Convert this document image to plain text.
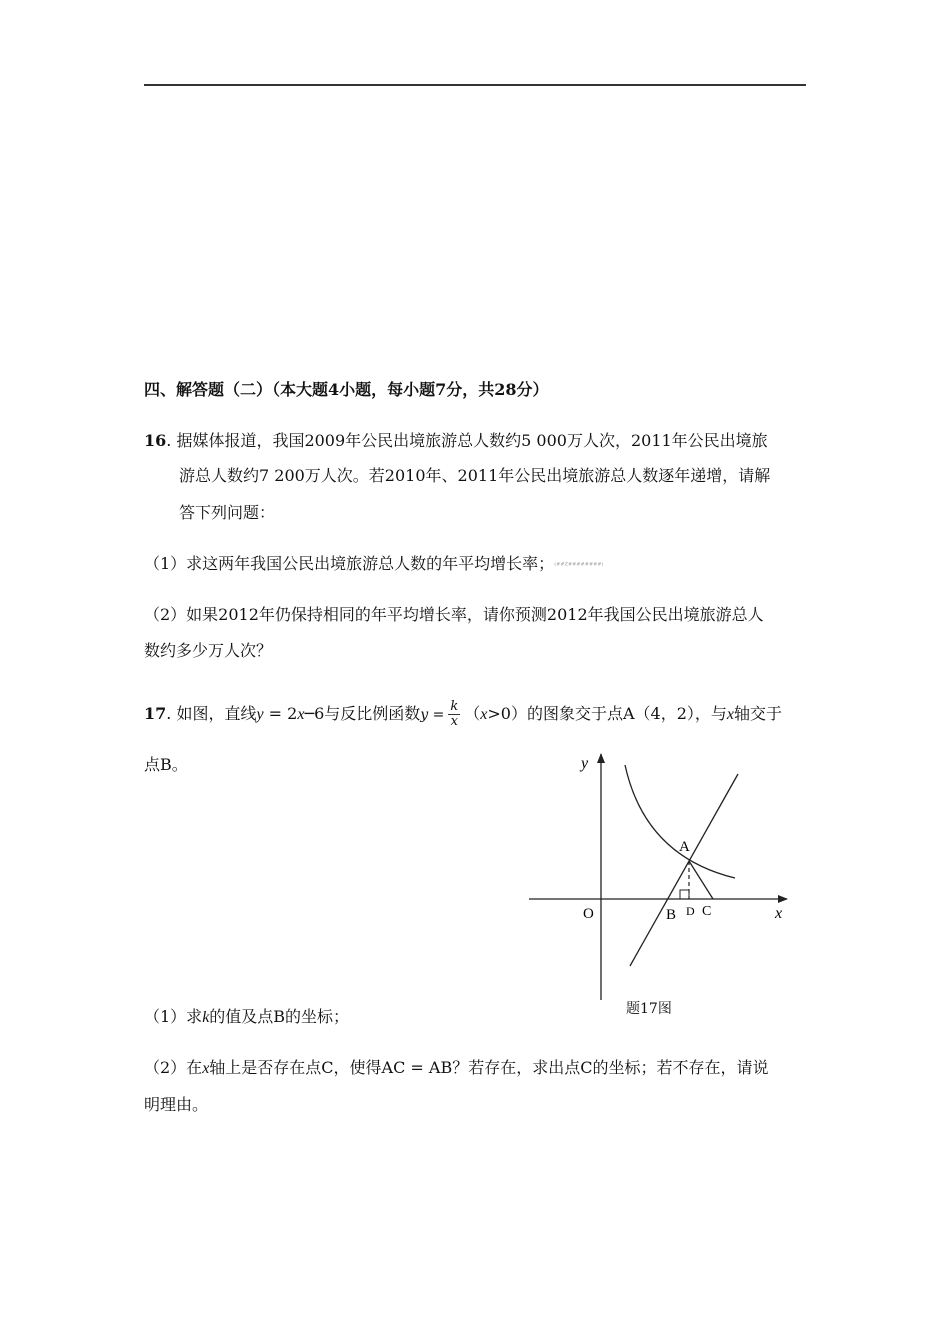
四、解答题（二）（本大题4小题，每小题7分，共28分）
16. 据媒体报道，我国2009年公民出境旅游总人数约5 000万人次，2011年公民出境旅
游总人数约7 200万人次。若2010年、2011年公民出境旅游总人数逐年递增，请解
答下列问题：
（1）求这两年我国公民出境旅游总人数的年平均增长率；(##Z########)
（2）如果2012年仍保持相同的年平均增长率，请你预测2012年我国公民出境旅游总人
数约多少万人次？
17. 如图，直线y = 2x─6与反比例函数$y = \frac{k}{x} (x>0)$的图象交于点A（4，2），与x轴交于
点B。	y
x
O
A
B D C
题17图
（1）求k的值及点B的坐标；
（2）在x轴上是否存在点C，使得AC = AB？若存在，求出点C的坐标；若不存在，请说
明理由。
